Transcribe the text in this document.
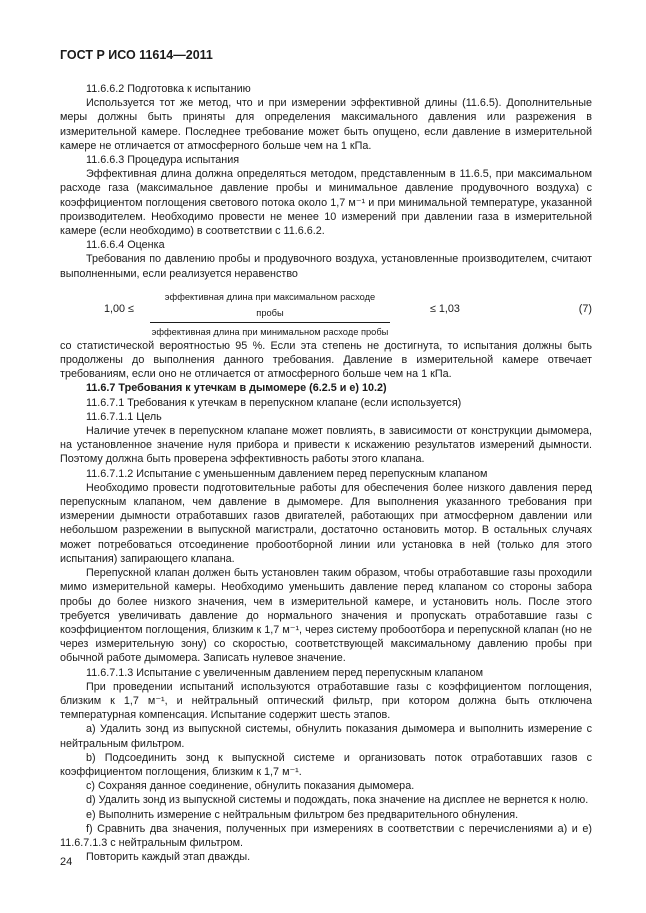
ГОСТ Р ИСО 11614—2011

11.6.6.2 Подготовка к испытанию

Используется тот же метод, что и при измерении эффективной длины (11.6.5). Дополнительные меры должны быть приняты для определения максимального давления или разрежения в измерительной камере. Последнее требование может быть опущено, если давление в измерительной камере не отличается от атмосферного больше чем на 1 кПа.

11.6.6.3 Процедура испытания

Эффективная длина должна определяться методом, представленным в 11.6.5, при максимальном расходе газа (максимальное давление пробы и минимальное давление продувочного воздуха) с коэффициентом поглощения светового потока около 1,7 м⁻¹ и при минимальной температуре, указанной производителем. Необходимо провести не менее 10 измерений при давлении газа в измерительной камере (если необходимо) в соответствии с 11.6.6.2.

11.6.6.4 Оценка

Требования по давлению пробы и продувочного воздуха, установленные производителем, считают выполненными, если реализуется неравенство

1,00 ≤
эффективная длина при максимальном расходе пробы
эффективная длина при минимальном расходе пробы
≤ 1,03	(7)

со статистической вероятностью 95 %. Если эта степень не достигнута, то испытания должны быть продолжены до выполнения данного требования. Давление в измерительной камере отвечает требованиям, если оно не отличается от атмосферного больше чем на 1 кПа.

11.6.7 Требования к утечкам в дымомере (6.2.5 и е) 10.2)

11.6.7.1 Требования к утечкам в перепускном клапане (если используется)

11.6.7.1.1 Цель

Наличие утечек в перепускном клапане может повлиять, в зависимости от конструкции дымомера, на установленное значение нуля прибора и привести к искажению результатов измерений дымности. Поэтому должна быть проверена эффективность работы этого клапана.

11.6.7.1.2 Испытание с уменьшенным давлением перед перепускным клапаном

Необходимо провести подготовительные работы для обеспечения более низкого давления перед перепускным клапаном, чем давление в дымомере. Для выполнения указанного требования при измерении дымности отработавших газов двигателей, работающих при атмосферном давлении или небольшом разрежении в выпускной магистрали, достаточно остановить мотор. В остальных случаях может потребоваться отсоединение пробоотборной линии или установка в ней (только для этого испытания) запирающего клапана.

Перепускной клапан должен быть установлен таким образом, чтобы отработавшие газы проходили мимо измерительной камеры. Необходимо уменьшить давление перед клапаном со стороны забора пробы до более низкого значения, чем в измерительной камере, и установить ноль. После этого требуется увеличивать давление до нормального значения и пропускать отработавшие газы с коэффициентом поглощения, близким к 1,7 м⁻¹, через систему пробоотбора и перепускной клапан (но не через измерительную зону) со скоростью, соответствующей максимальному давлению пробы при обычной работе дымомера. Записать нулевое значение.

11.6.7.1.3 Испытание с увеличенным давлением перед перепускным клапаном

При проведении испытаний используются отработавшие газы с коэффициентом поглощения, близким к 1,7 м⁻¹, и нейтральный оптический фильтр, при котором должна быть отключена температурная компенсация. Испытание содержит шесть этапов.

а) Удалить зонд из выпускной системы, обнулить показания дымомера и выполнить измерение с нейтральным фильтром.

b) Подсоединить зонд к выпускной системе и организовать поток отработавших газов с коэффициентом поглощения, близким к 1,7 м⁻¹.

с) Сохраняя данное соединение, обнулить показания дымомера.

d) Удалить зонд из выпускной системы и подождать, пока значение на дисплее не вернется к нолю.

е) Выполнить измерение с нейтральным фильтром без предварительного обнуления.

f) Сравнить два значения, полученных при измерениях в соответствии с перечислениями а) и е) 11.6.7.1.3 с нейтральным фильтром.

Повторить каждый этап дважды.

24
